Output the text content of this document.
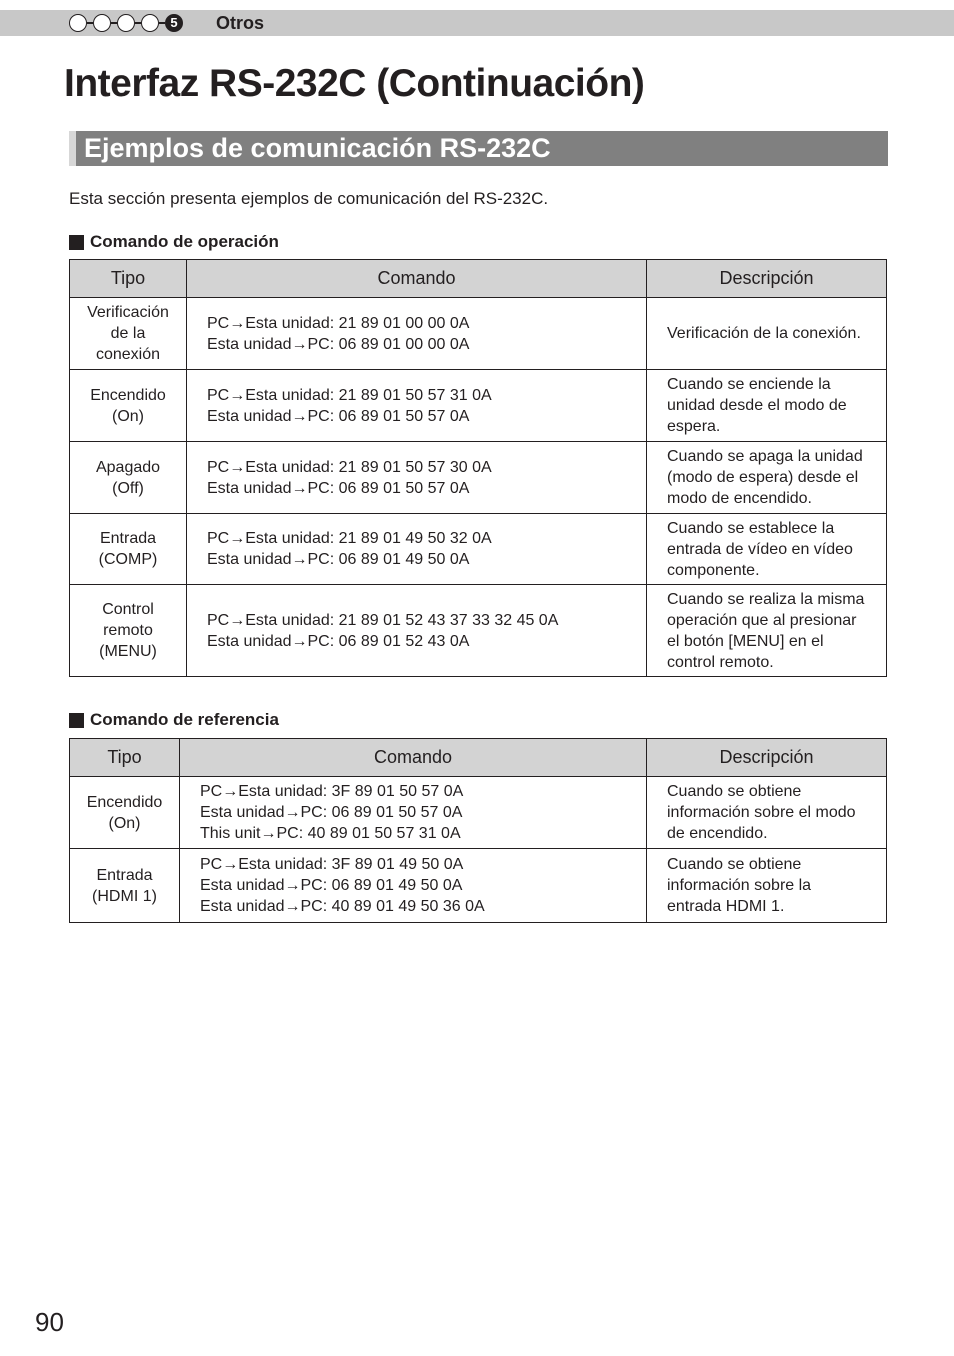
5 Otros
Interfaz RS-232C (Continuación)
Ejemplos de comunicación RS-232C

Esta sección presenta ejemplos de comunicación del RS-232C.

Comando de operación
Tipo	Comando	Descripción

Verificación
de la
conexión	PC→Esta unidad: 21 89 01 00 00 0A
Esta unidad→PC: 06 89 01 00 00 0A	Verificación de la conexión.

Encendido
(On)	PC→Esta unidad: 21 89 01 50 57 31 0A
Esta unidad→PC: 06 89 01 50 57 0A	Cuando se enciende la
unidad desde el modo de
espera.

Apagado
(Off)	PC→Esta unidad: 21 89 01 50 57 30 0A
Esta unidad→PC: 06 89 01 50 57 0A	Cuando se apaga la unidad
(modo de espera) desde el
modo de encendido.

Entrada
(COMP)	PC→Esta unidad: 21 89 01 49 50 32 0A
Esta unidad→PC: 06 89 01 49 50 0A	Cuando se establece la
entrada de vídeo en vídeo
componente.

Control
remoto
(MENU)	PC→Esta unidad: 21 89 01 52 43 37 33 32 45 0A
Esta unidad→PC: 06 89 01 52 43 0A	Cuando se realiza la misma
operación que al presionar
el botón [MENU] en el
control remoto.
Comando de referencia
Tipo	Comando	Descripción

Encendido
(On)	PC→Esta unidad: 3F 89 01 50 57 0A
Esta unidad→PC: 06 89 01 50 57 0A
This unit→PC: 40 89 01 50 57 31 0A	Cuando se obtiene
información sobre el modo
de encendido.

Entrada
(HDMI 1)	PC→Esta unidad: 3F 89 01 49 50 0A
Esta unidad→PC: 06 89 01 49 50 0A
Esta unidad→PC: 40 89 01 49 50 36 0A	Cuando se obtiene
información sobre la
entrada HDMI 1.
90
